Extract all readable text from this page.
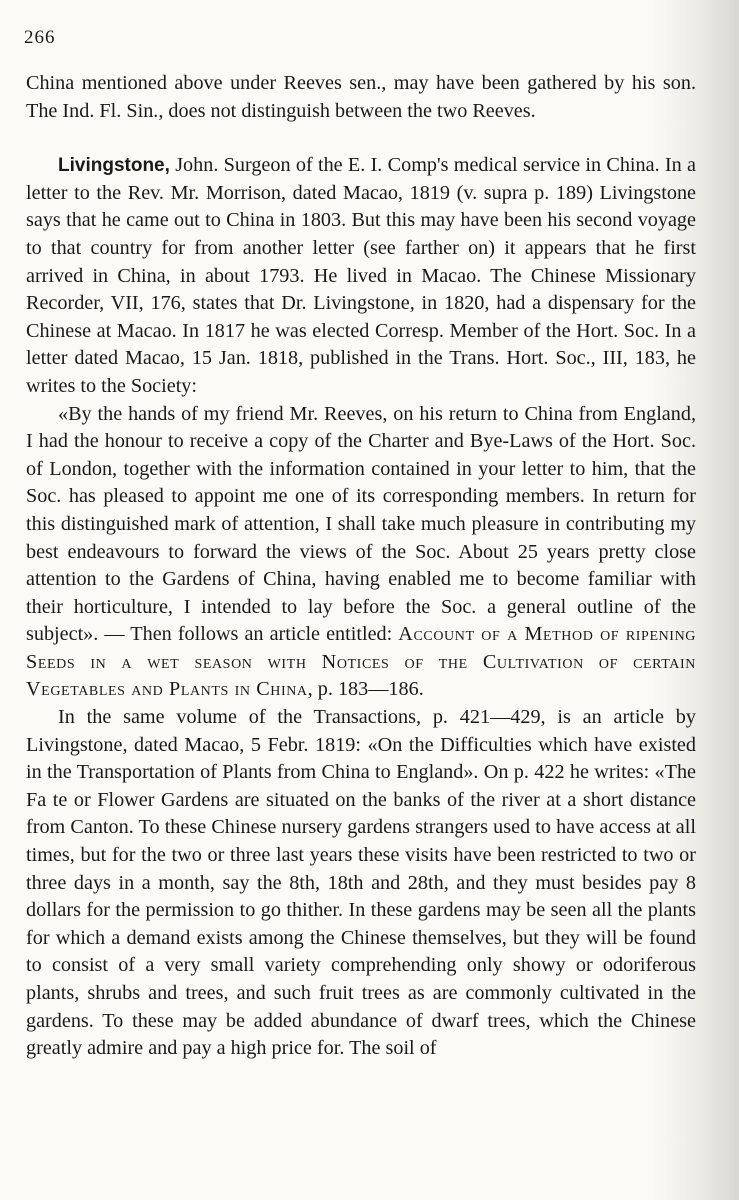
266

China mentioned above under Reeves sen., may have been gathered by his son. The Ind. Fl. Sin., does not distinguish between the two Reeves.

Livingstone, John. Surgeon of the E. I. Comp's medical service in China. In a letter to the Rev. Mr. Morrison, dated Macao, 1819 (v. supra p. 189) Livingstone says that he came out to China in 1803. But this may have been his second voyage to that country for from another letter (see farther on) it appears that he first arrived in China, in about 1793. He lived in Macao. The Chinese Missionary Recorder, VII, 176, states that Dr. Livingstone, in 1820, had a dispensary for the Chinese at Macao. In 1817 he was elected Corresp. Member of the Hort. Soc. In a letter dated Macao, 15 Jan. 1818, published in the Trans. Hort. Soc., III, 183, he writes to the Society:

«By the hands of my friend Mr. Reeves, on his return to China from England, I had the honour to receive a copy of the Charter and Bye-Laws of the Hort. Soc. of London, together with the information contained in your letter to him, that the Soc. has pleased to appoint me one of its corresponding members. In return for this distinguished mark of attention, I shall take much pleasure in contributing my best endeavours to forward the views of the Soc. About 25 years pretty close attention to the Gardens of China, having enabled me to become familiar with their horticulture, I intended to lay before the Soc. a general outline of the subject». — Then follows an article entitled: Account of a Method of ripening Seeds in a wet season with Notices of the Cultivation of certain Vegetables and Plants in China, p. 183—186.

In the same volume of the Transactions, p. 421—429, is an article by Livingstone, dated Macao, 5 Febr. 1819: «On the Difficulties which have existed in the Transportation of Plants from China to England». On p. 422 he writes: «The Fa te or Flower Gardens are situated on the banks of the river at a short distance from Canton. To these Chinese nursery gardens strangers used to have access at all times, but for the two or three last years these visits have been restricted to two or three days in a month, say the 8th, 18th and 28th, and they must besides pay 8 dollars for the permission to go thither. In these gardens may be seen all the plants for which a demand exists among the Chinese themselves, but they will be found to consist of a very small variety comprehending only showy or odoriferous plants, shrubs and trees, and such fruit trees as are commonly cultivated in the gardens. To these may be added abundance of dwarf trees, which the Chinese greatly admire and pay a high price for. The soil of
